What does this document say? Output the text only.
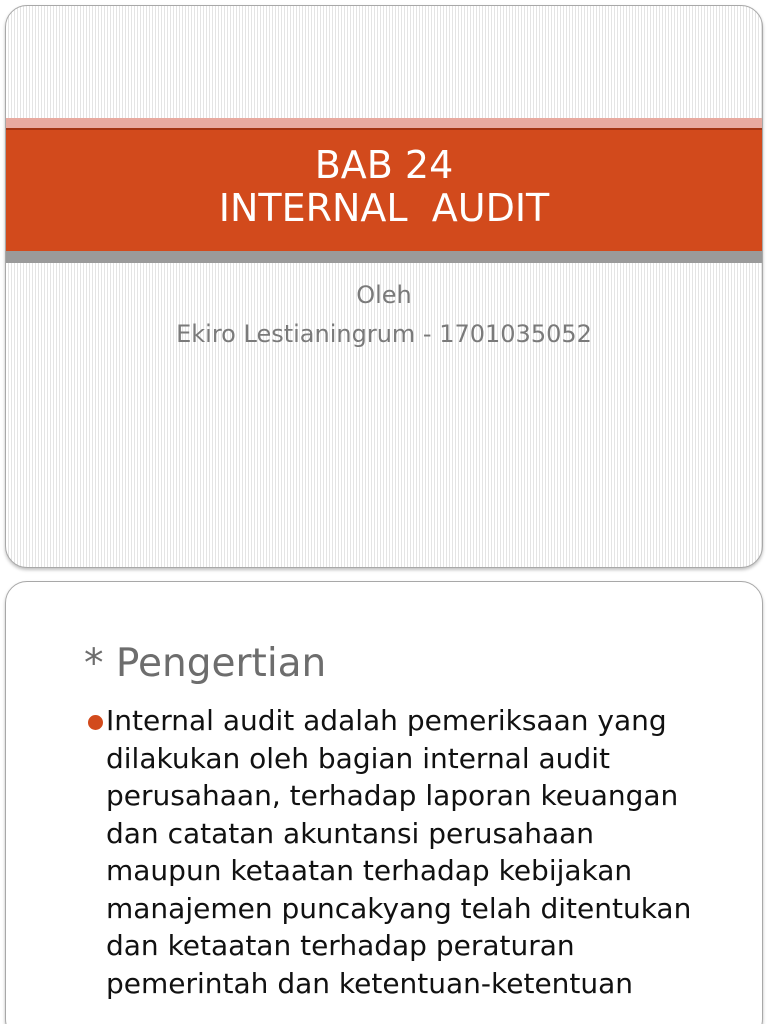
BAB 24
INTERNAL  AUDIT
Oleh
Ekiro Lestianingrum - 1701035052
* Pengertian
Internal audit adalah pemeriksaan yang dilakukan oleh bagian internal audit perusahaan, terhadap laporan keuangan dan catatan akuntansi perusahaan maupun ketaatan terhadap kebijakan manajemen puncakyang telah ditentukan dan ketaatan terhadap peraturan pemerintah dan ketentuan-ketentuan
